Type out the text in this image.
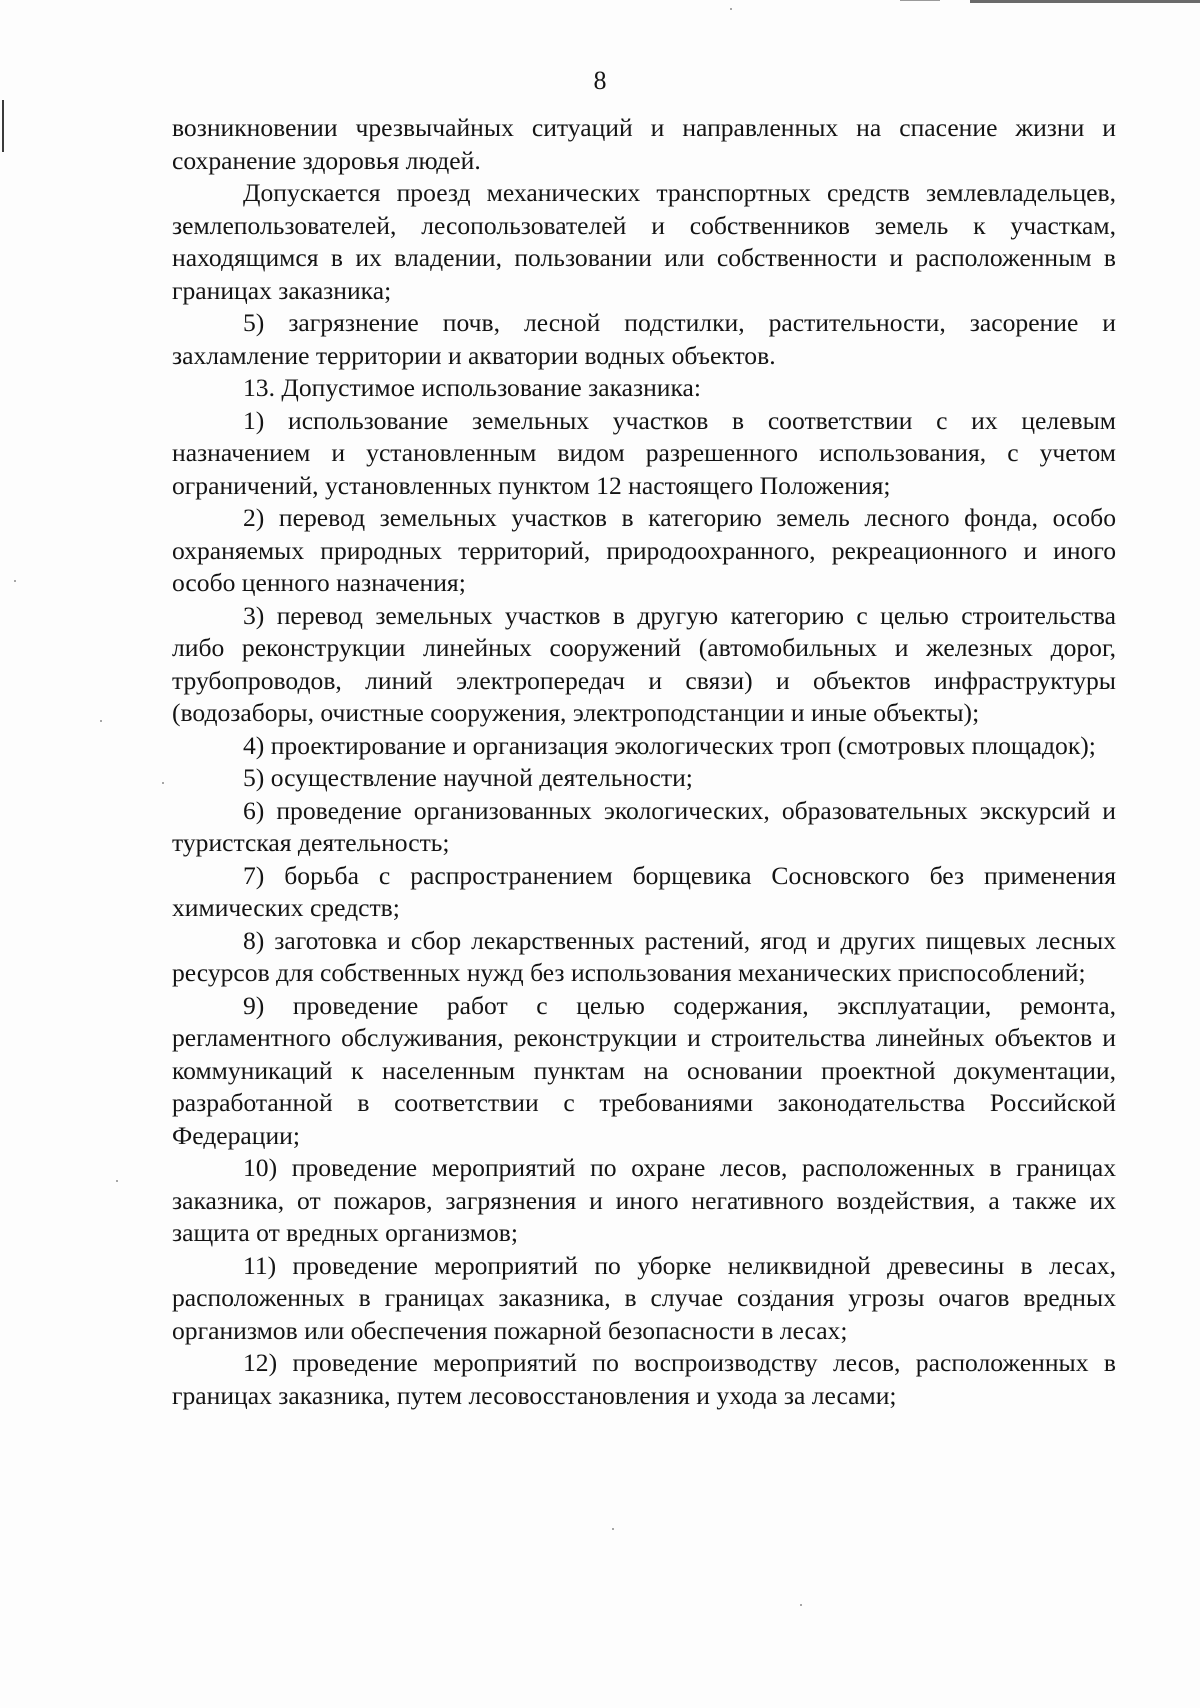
8

возникновении чрезвычайных ситуаций и направленных на спасение жизни и сохранение здоровья людей.

Допускается проезд механических транспортных средств землевладельцев, землепользователей, лесопользователей и собственников земель к участкам, находящимся в их владении, пользовании или собственности и расположенным в границах заказника;

5) загрязнение почв, лесной подстилки, растительности, засорение и захламление территории и акватории водных объектов.

13. Допустимое использование заказника:

1) использование земельных участков в соответствии с их целевым назначением и установленным видом разрешенного использования, с учетом ограничений, установленных пунктом 12 настоящего Положения;

2) перевод земельных участков в категорию земель лесного фонда, особо охраняемых природных территорий, природоохранного, рекреационного и иного особо ценного назначения;

3) перевод земельных участков в другую категорию с целью строительства либо реконструкции линейных сооружений (автомобильных и железных дорог, трубопроводов, линий электропередач и связи) и объектов инфраструктуры (водозаборы, очистные сооружения, электроподстанции и иные объекты);

4) проектирование и организация экологических троп (смотровых площадок);

5) осуществление научной деятельности;

6) проведение организованных экологических, образовательных экскурсий и туристская деятельность;

7) борьба с распространением борщевика Сосновского без применения химических средств;

8) заготовка и сбор лекарственных растений, ягод и других пищевых лесных ресурсов для собственных нужд без использования механических приспособлений;

9) проведение работ с целью содержания, эксплуатации, ремонта, регламентного обслуживания, реконструкции и строительства линейных объектов и коммуникаций к населенным пунктам на основании проектной документации, разработанной в соответствии с требованиями законодательства Российской Федерации;

10) проведение мероприятий по охране лесов, расположенных в границах заказника, от пожаров, загрязнения и иного негативного воздействия, а также их защита от вредных организмов;

11) проведение мероприятий по уборке неликвидной древесины в лесах, расположенных в границах заказника, в случае создания угрозы очагов вредных организмов или обеспечения пожарной безопасности в лесах;

12) проведение мероприятий по воспроизводству лесов, расположенных в границах заказника, путем лесовосстановления и ухода за лесами;
